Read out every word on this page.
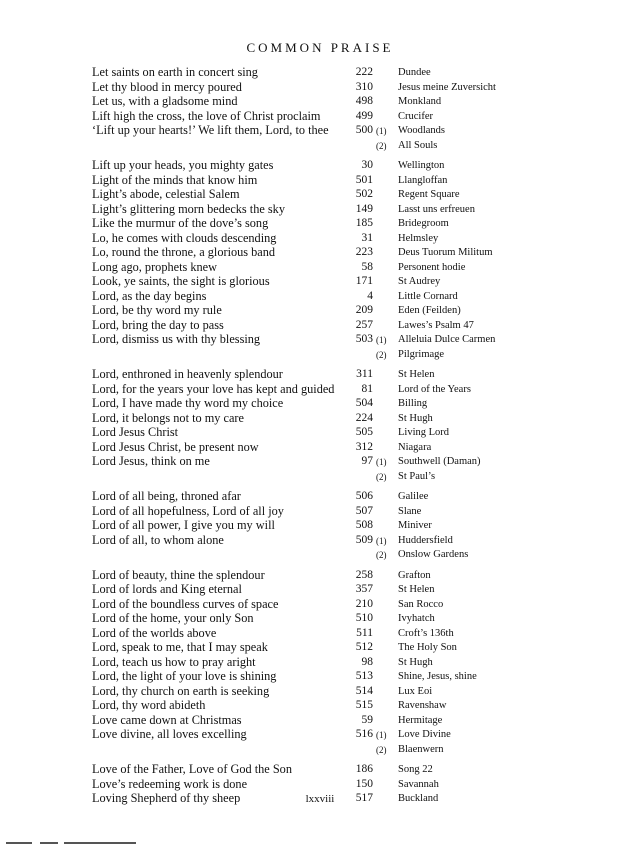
COMMON PRAISE
Let saints on earth in concert sing	222 Dundee
Let thy blood in mercy poured	310 Jesus meine Zuversicht
Let us, with a gladsome mind	498 Monkland
Lift high the cross, the love of Christ proclaim	499 Crucifer
‘Lift up your hearts!’ We lift them, Lord, to thee 500 (1) Woodlands
(2) All Souls
Lift up your heads, you mighty gates	30 Wellington
Light of the minds that know him	501 Llangloffan
Light’s abode, celestial Salem	502 Regent Square
Light’s glittering morn bedecks the sky	149 Lasst uns erfreuen
Like the murmur of the dove’s song	185 Bridegroom
Lo, he comes with clouds descending	31 Helmsley
Lo, round the throne, a glorious band	223 Deus Tuorum Militum
Long ago, prophets knew	58 Personent hodie
Look, ye saints, the sight is glorious	171 St Audrey
Lord, as the day begins	4 Little Cornard
Lord, be thy word my rule	209 Eden (Feilden)
Lord, bring the day to pass	257 Lawes’s Psalm 47
Lord, dismiss us with thy blessing	503 (1) Alleluia Dulce Carmen
(2) Pilgrimage
Lord, enthroned in heavenly splendour	311 St Helen
Lord, for the years your love has kept and guided 81 Lord of the Years
Lord, I have made thy word my choice	504 Billing
Lord, it belongs not to my care	224 St Hugh
Lord Jesus Christ	505 Living Lord
Lord Jesus Christ, be present now	312 Niagara
Lord Jesus, think on me	97 (1) Southwell (Daman)
(2) St Paul’s
Lord of all being, throned afar	506 Galilee
Lord of all hopefulness, Lord of all joy	507 Slane
Lord of all power, I give you my will	508 Miniver
Lord of all, to whom alone	509 (1) Huddersfield
(2) Onslow Gardens
Lord of beauty, thine the splendour	258 Grafton
Lord of lords and King eternal	357 St Helen
Lord of the boundless curves of space	210 San Rocco
Lord of the home, your only Son	510 Ivyhatch
Lord of the worlds above	511 Croft’s 136th
Lord, speak to me, that I may speak	512 The Holy Son
Lord, teach us how to pray aright	98 St Hugh
Lord, the light of your love is shining	513 Shine, Jesus, shine
Lord, thy church on earth is seeking	514 Lux Eoi
Lord, thy word abideth	515 Ravenshaw
Love came down at Christmas	59 Hermitage
Love divine, all loves excelling	516 (1) Love Divine
(2) Blaenwern
Love of the Father, Love of God the Son	186 Song 22
Love’s redeeming work is done	150 Savannah
Loving Shepherd of thy sheep	517 Buckland
lxxviii
